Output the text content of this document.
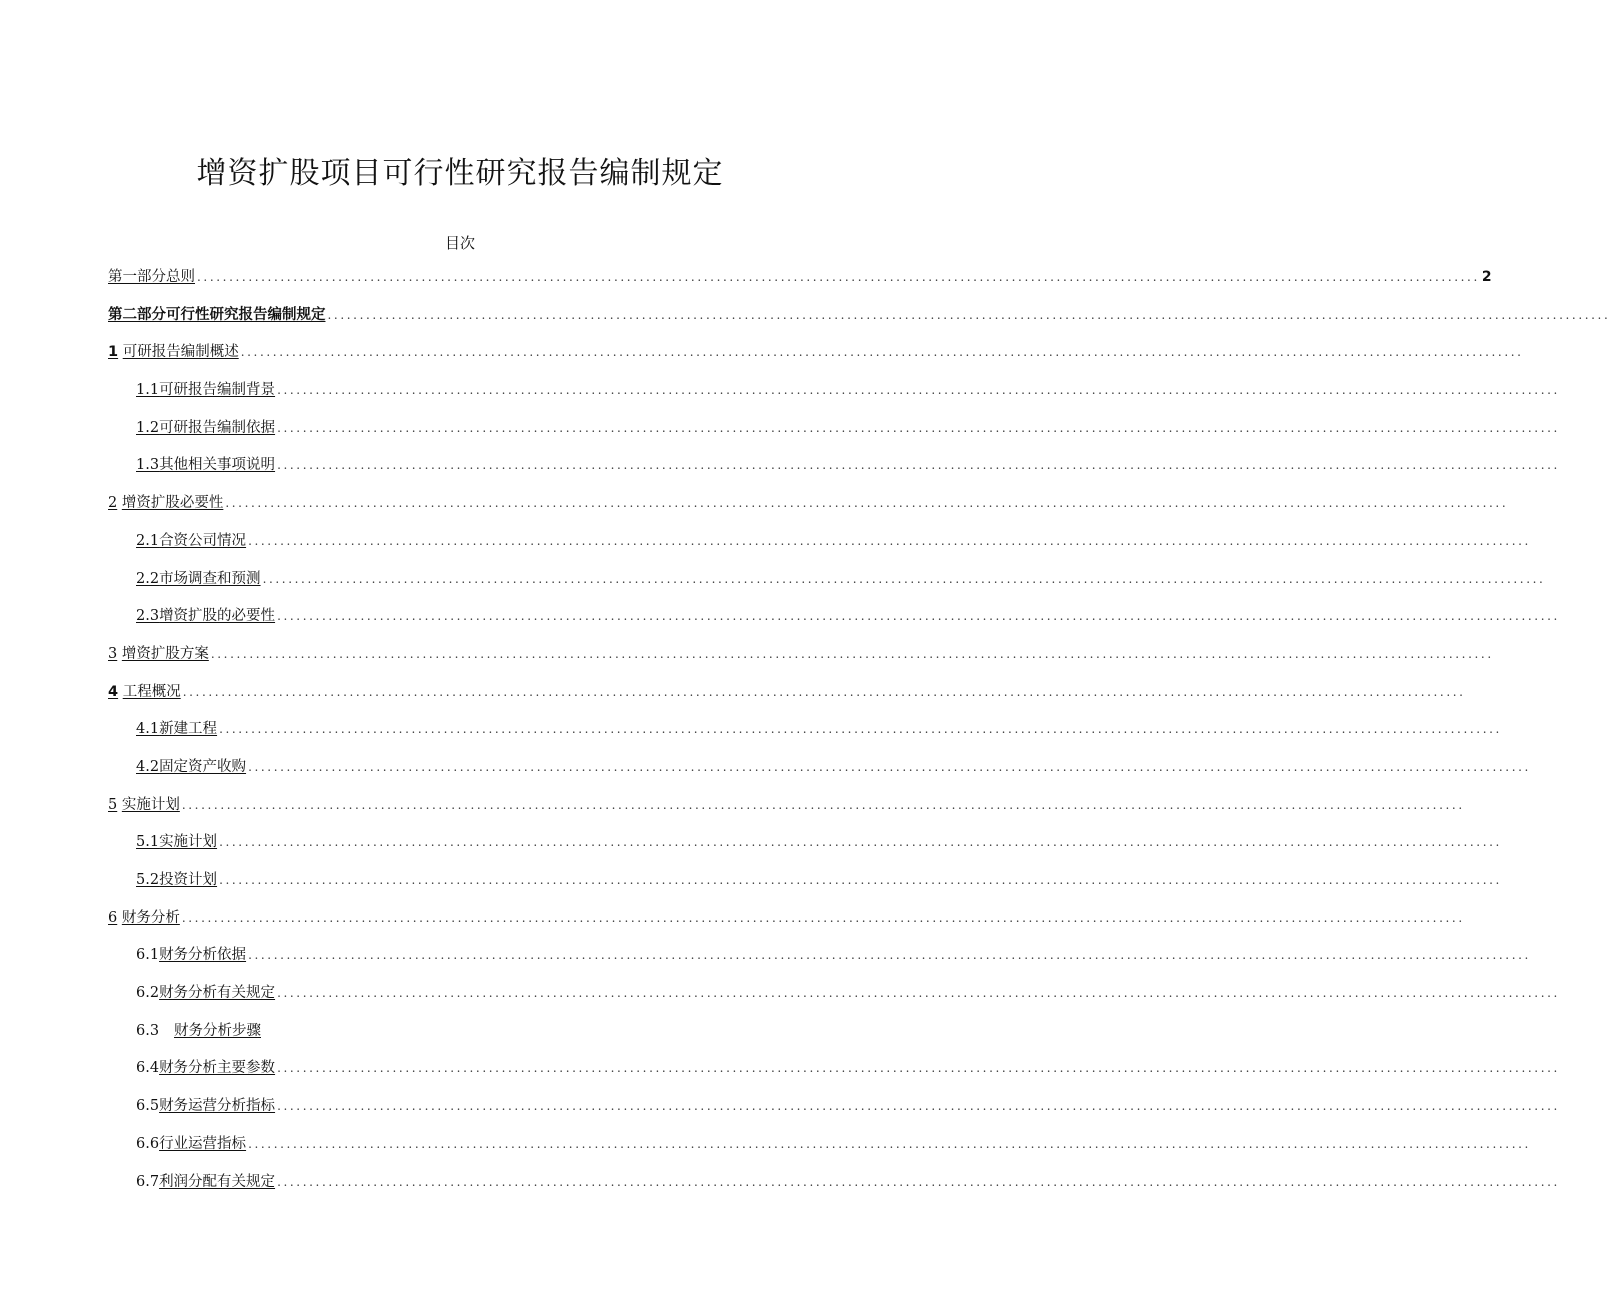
增资扩股项目可行性研究报告编制规定
目次
第一部分总则 ........................................................................................................................................................................................................ 2
第二部分可行性研究报告编制规定 ........................................................................................................................................................................................................
1
可研报告编制概述 ........................................................................................................................................................................................................
1.1 可研报告编制背景 ........................................................................................................................................................................................................
1.2 可研报告编制依据 ........................................................................................................................................................................................................
1.3 其他相关事项说明 ........................................................................................................................................................................................................
2
增资扩股必要性 ........................................................................................................................................................................................................
2.1 合资公司情况 ........................................................................................................................................................................................................
2.2 市场调查和预测 ........................................................................................................................................................................................................
2.3 增资扩股的必要性 ........................................................................................................................................................................................................
3
增资扩股方案 ........................................................................................................................................................................................................
4
工程概况 ........................................................................................................................................................................................................
4.1 新建工程 ........................................................................................................................................................................................................
4.2 固定资产收购 ........................................................................................................................................................................................................
5
实施计划 ........................................................................................................................................................................................................
5.1 实施计划 ........................................................................................................................................................................................................
5.2 投资计划 ........................................................................................................................................................................................................
6
财务分析 ........................................................................................................................................................................................................
6.1 财务分析依据 ........................................................................................................................................................................................................
6.2 财务分析有关规定 ........................................................................................................................................................................................................
6.3	财务分析步骤
6.4 财务分析主要参数 ........................................................................................................................................................................................................
6.5 财务运营分析指标 ........................................................................................................................................................................................................
6.6 行业运营指标 ........................................................................................................................................................................................................
6.7 利润分配有关规定 ........................................................................................................................................................................................................
